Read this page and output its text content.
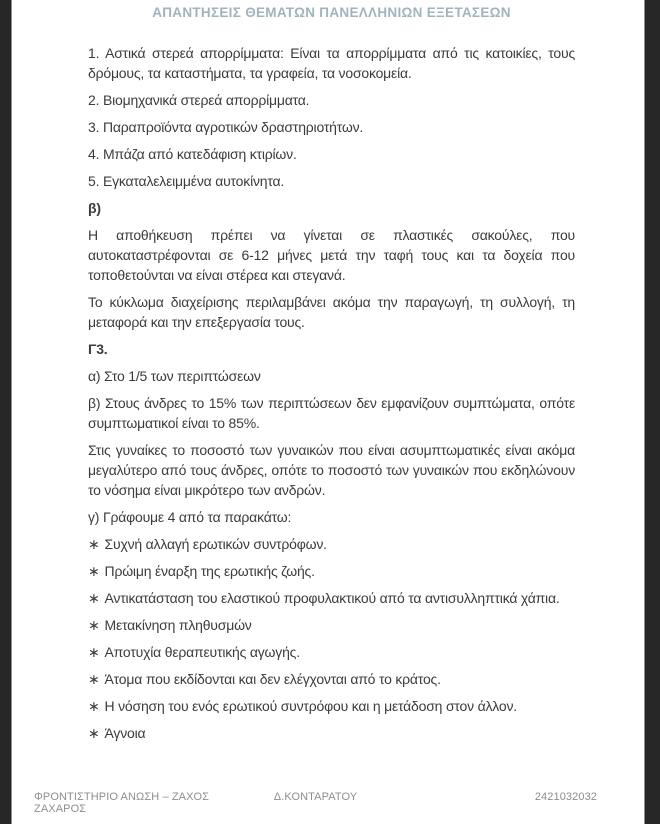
ΑΠΑΝΤΗΣΕΙΣ ΘΕΜΑΤΩΝ ΠΑΝΕΛΛΗΝΙΩΝ ΕΞΕΤΑΣΕΩΝ

1. Αστικά στερεά απορρίμματα: Είναι τα απορρίμματα από τις κατοικίες, τους δρόμους, τα καταστήματα, τα γραφεία, τα νοσοκομεία.

2. Βιομηχανικά στερεά απορρίμματα.

3. Παραπροϊόντα αγροτικών δραστηριοτήτων.

4. Μπάζα από κατεδάφιση κτιρίων.

5. Εγκαταλελειμμένα αυτοκίνητα.

β)

Η αποθήκευση πρέπει να γίνεται σε πλαστικές σακούλες, που αυτοκαταστρέφονται σε 6-12 μήνες μετά την ταφή τους και τα δοχεία που τοποθετούνται να είναι στέρεα και στεγανά.

Το κύκλωμα διαχείρισης περιλαμβάνει ακόμα την παραγωγή, τη συλλογή, τη μεταφορά και την επεξεργασία τους.

Γ3.

α) Στο 1/5 των περιπτώσεων

β) Στους άνδρες το 15% των περιπτώσεων δεν εμφανίζουν συμπτώματα, οπότε συμπτωματικοί είναι το 85%.

Στις γυναίκες το ποσοστό των γυναικών που είναι ασυμπτωματικές είναι ακόμα μεγαλύτερο από τους άνδρες, οπότε το ποσοστό των γυναικών που εκδηλώνουν το νόσημα είναι μικρότερο των ανδρών.

γ) Γράφουμε 4 από τα παρακάτω:

∗ Συχνή αλλαγή ερωτικών συντρόφων.

∗ Πρώιμη έναρξη της ερωτικής ζωής.

∗ Αντικατάσταση του ελαστικού προφυλακτικού από τα αντισυλληπτικά χάπια.

∗ Μετακίνηση πληθυσμών

∗ Αποτυχία θεραπευτικής αγωγής.

∗ Άτομα που εκδίδονται και δεν ελέγχονται από το κράτος.

∗ Η νόσηση του ενός ερωτικού συντρόφου και η μετάδοση στον άλλον.

∗ Άγνοια

ΦΡΟΝΤΙΣΤΗΡΙΟ ΑΝΩΣΗ – ΖΑΧΟΣ ΖΑΧΑΡΟΣ
Δ.ΚΟΝΤΑΡΑΤΟΥ	2421032032
